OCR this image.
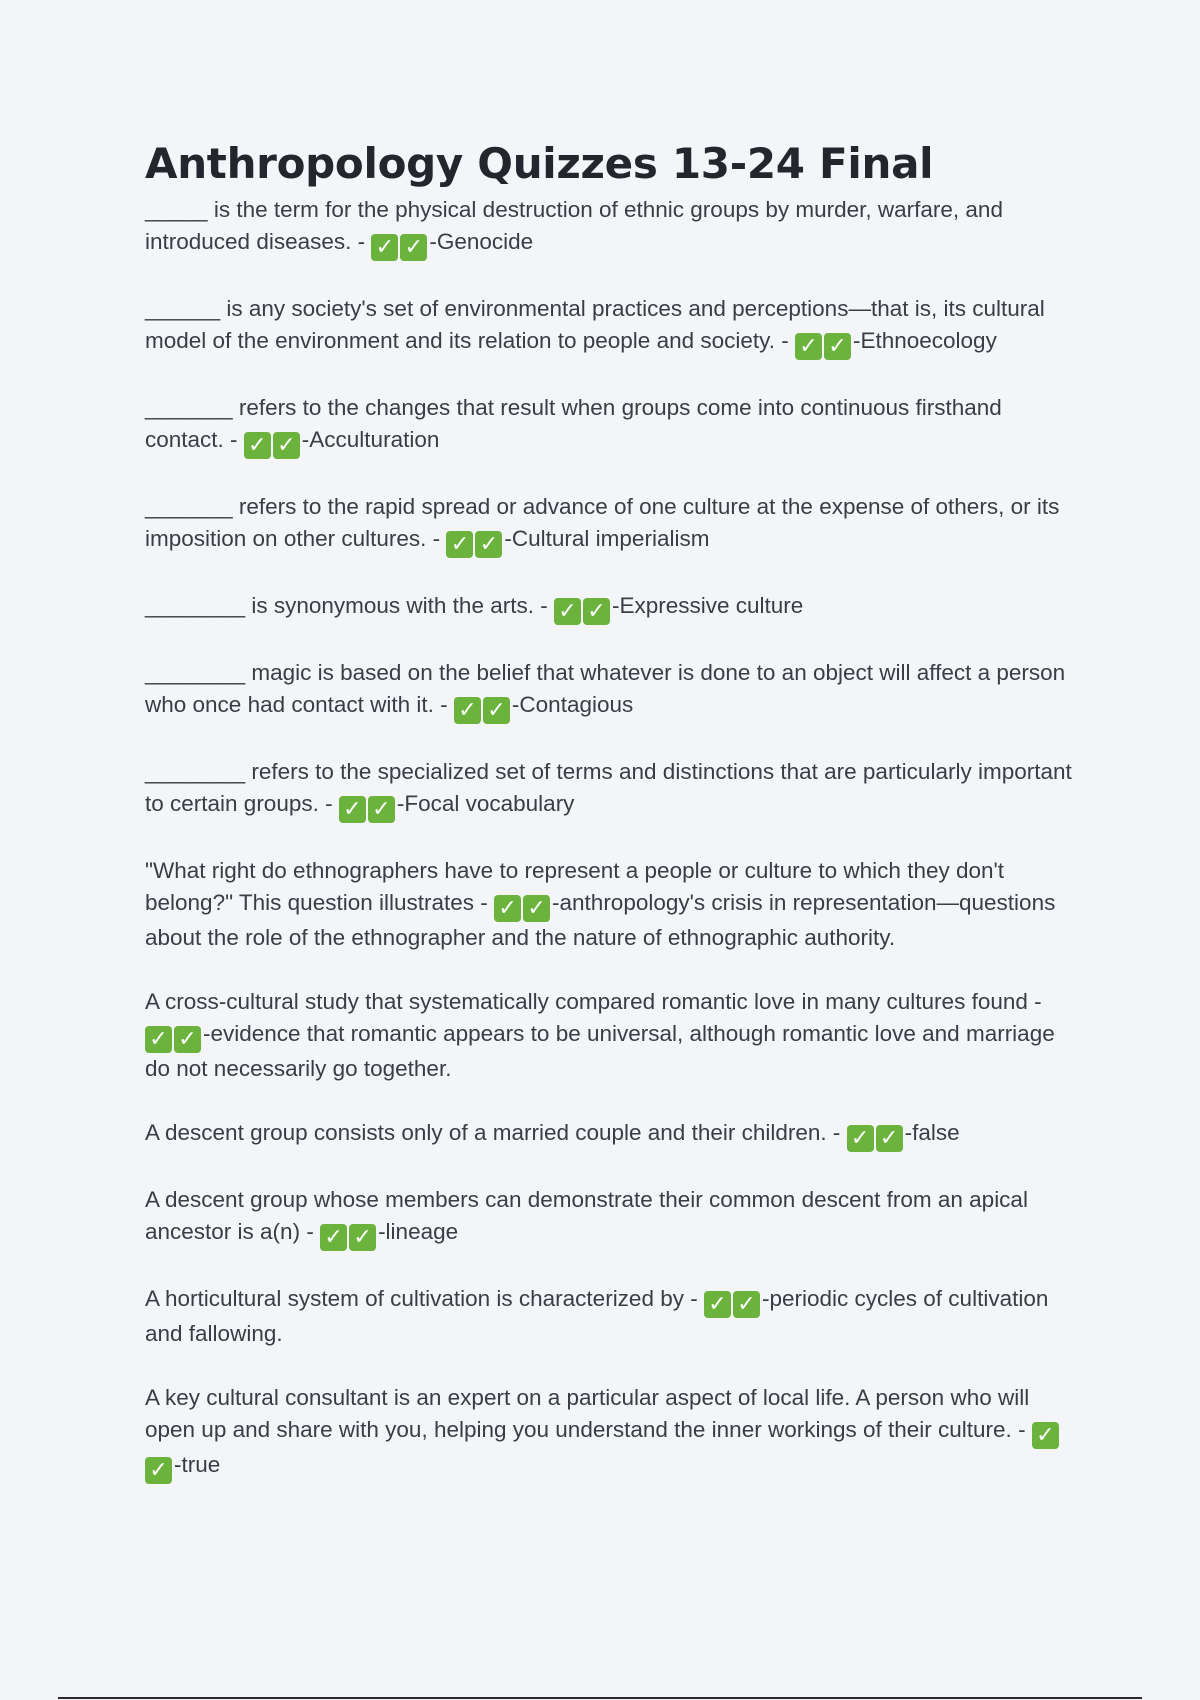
Anthropology Quizzes 13-24 Final

_____ is the term for the physical destruction of ethnic groups by murder, warfare, and introduced diseases. - ✓ ✓ -Genocide

______ is any society's set of environmental practices and perceptions—that is, its cultural model of the environment and its relation to people and society. - ✓ ✓ -Ethnoecology

_______ refers to the changes that result when groups come into continuous firsthand contact. - ✓ ✓ -Acculturation

_______ refers to the rapid spread or advance of one culture at the expense of others, or its imposition on other cultures. - ✓ ✓ -Cultural imperialism

________ is synonymous with the arts. - ✓ ✓ -Expressive culture

________ magic is based on the belief that whatever is done to an object will affect a person who once had contact with it. - ✓ ✓ -Contagious

________ refers to the specialized set of terms and distinctions that are particularly important to certain groups. - ✓ ✓ -Focal vocabulary

"What right do ethnographers have to represent a people or culture to which they don't belong?" This question illustrates - ✓ ✓ -anthropology's crisis in representation—questions about the role of the ethnographer and the nature of ethnographic authority.

A cross-cultural study that systematically compared romantic love in many cultures found - ✓ ✓ -evidence that romantic appears to be universal, although romantic love and marriage do not necessarily go together.

A descent group consists only of a married couple and their children. - ✓ ✓ -false

A descent group whose members can demonstrate their common descent from an apical ancestor is a(n) - ✓ ✓ -lineage

A horticultural system of cultivation is characterized by - ✓ ✓ -periodic cycles of cultivation and fallowing.

A key cultural consultant is an expert on a particular aspect of local life. A person who will open up and share with you, helping you understand the inner workings of their culture. - ✓✓ -true
